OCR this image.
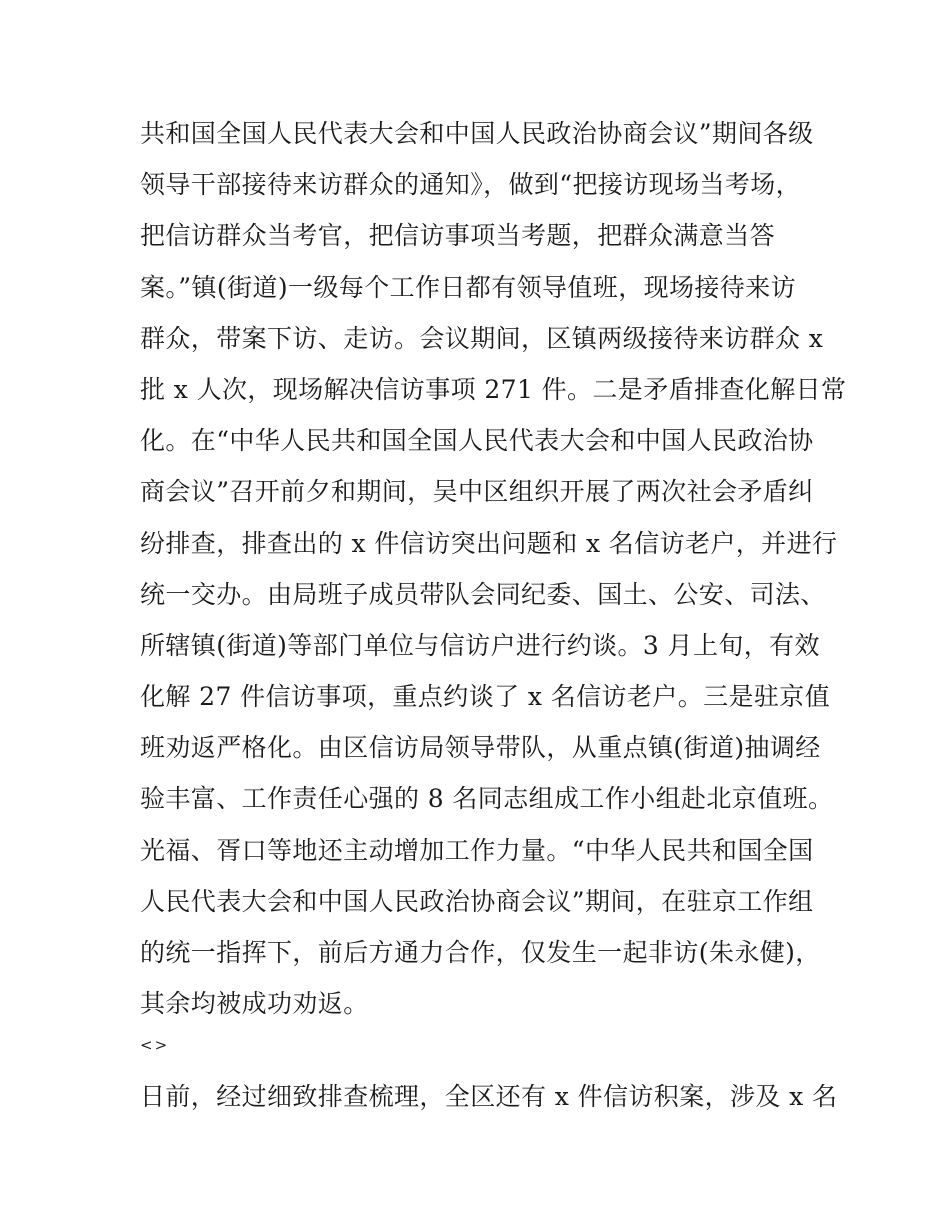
共和国全国人民代表大会和中国人民政治协商会议”期间各级
领导干部接待来访群众的通知》，做到“把接访现场当考场，
把信访群众当考官，把信访事项当考题，把群众满意当答
案。”镇(街道)一级每个工作日都有领导值班，现场接待来访
群众，带案下访、走访。会议期间，区镇两级接待来访群众 x
批 x 人次，现场解决信访事项 271 件。二是矛盾排查化解日常
化。在“中华人民共和国全国人民代表大会和中国人民政治协
商会议”召开前夕和期间，吴中区组织开展了两次社会矛盾纠
纷排查，排查出的 x 件信访突出问题和 x 名信访老户，并进行
统一交办。由局班子成员带队会同纪委、国土、公安、司法、
所辖镇(街道)等部门单位与信访户进行约谈。3 月上旬，有效
化解 27 件信访事项，重点约谈了 x 名信访老户。三是驻京值
班劝返严格化。由区信访局领导带队，从重点镇(街道)抽调经
验丰富、工作责任心强的 8 名同志组成工作小组赴北京值班。
光福、胥口等地还主动增加工作力量。“中华人民共和国全国
人民代表大会和中国人民政治协商会议”期间，在驻京工作组
的统一指挥下，前后方通力合作，仅发生一起非访(朱永健)，
其余均被成功劝返。
<>
日前，经过细致排查梳理，全区还有 x 件信访积案，涉及 x 名
